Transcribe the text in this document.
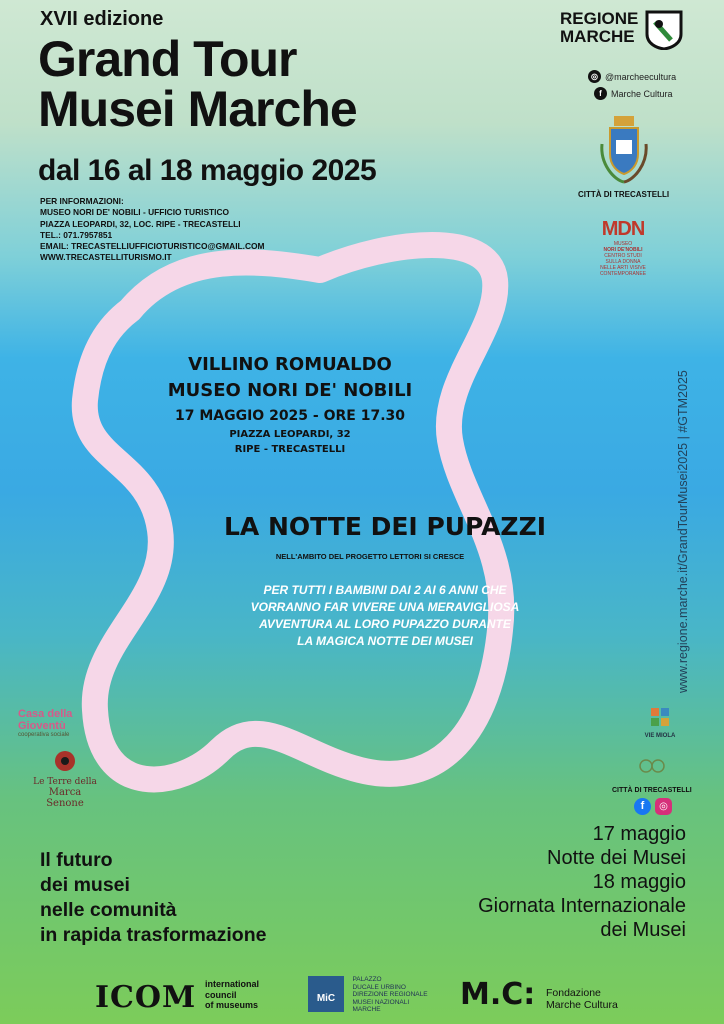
XVII edizione
Grand Tour
Musei Marche
dal 16 al 18 maggio 2025
PER INFORMAZIONI:
MUSEO NORI DE' NOBILI - UFFICIO TURISTICO
PIAZZA LEOPARDI, 32, LOC. RIPE - TRECASTELLI
TEL.: 071.7957851
EMAIL: TRECASTELLIUFFICIOTURISTICO@GMAIL.COM
WWW.TRECASTELLITURISMO.IT
REGIONE
MARCHE
◎ @marcheecultura
f	Marche Cultura
CITTÀ DI TRECASTELLI
MDN
MUSEO
NORI DE'NOBILI
CENTRO STUDI
SULLA DONNA
NELLE ARTI VISIVE
CONTEMPORANEE
www.regione.marche.it/GrandTourMusei2025 | #GTM2025
VILLINO ROMUALDO
MUSEO NORI DE' NOBILI
17 MAGGIO 2025 - ORE 17.30
PIAZZA LEOPARDI, 32
RIPE - TRECASTELLI
LA NOTTE DEI PUPAZZI
NELL'AMBITO DEL PROGETTO LETTORI SI CRESCE
PER TUTTI I BAMBINI DAI 2 AI 6 ANNI CHE
VORRANNO FAR VIVERE UNA MERAVIGLIOSA
AVVENTURA AL LORO PUPAZZO DURANTE
LA MAGICA NOTTE DEI MUSEI
Casa della Gioventù
cooperativa sociale
Le Terre della
Marca Senone
VIE MIOLA
CITTÀ DI TRECASTELLI
f	◎
Il futuro
dei musei
nelle comunità
in rapida trasformazione
17 maggio
Notte dei Musei
18 maggio
Giornata Internazionale
dei Musei
ICOM international
council
of museums
MiC
PALAZZO
DUCALE URBINO
DIREZIONE REGIONALE
MUSEI NAZIONALI
MARCHE	M.C: Fondazione
Marche Cultura
